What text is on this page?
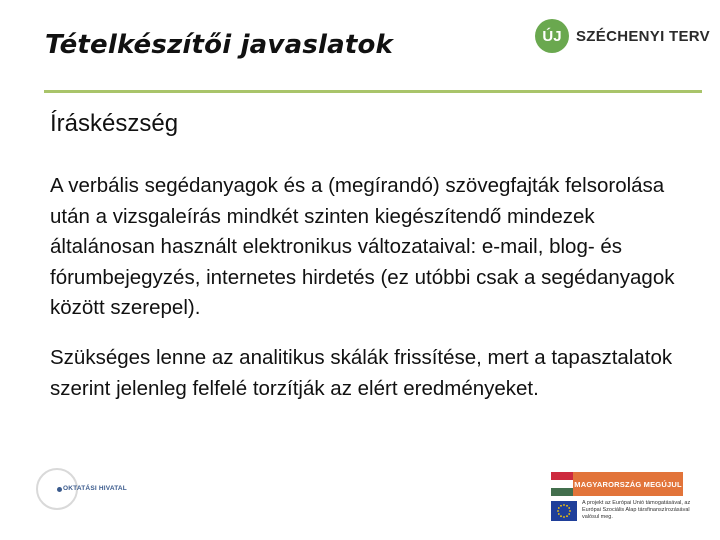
Tételkészítői javaslatok	ÚJ SZÉCHENYI TERV
Íráskészség

A verbális segédanyagok és a (megírandó) szövegfajták felsorolása után a vizsgaleírás mindkét szinten kiegészítendő mindezek általánosan használt elektronikus változataival: e-mail, blog- és fórumbejegyzés, internetes hirdetés (ez utóbbi csak a segédanyagok között szerepel).

Szükséges lenne az analitikus skálák frissítése, mert a tapasztalatok szerint jelenleg felfelé torzítják az elért eredményeket.

OKTATÁSI HIVATAL	MAGYARORSZÁG MEGÚJUL
A projekt az Európai Unió támogatásával, az Európai Szociális Alap társfinanszírozásával valósul meg.
